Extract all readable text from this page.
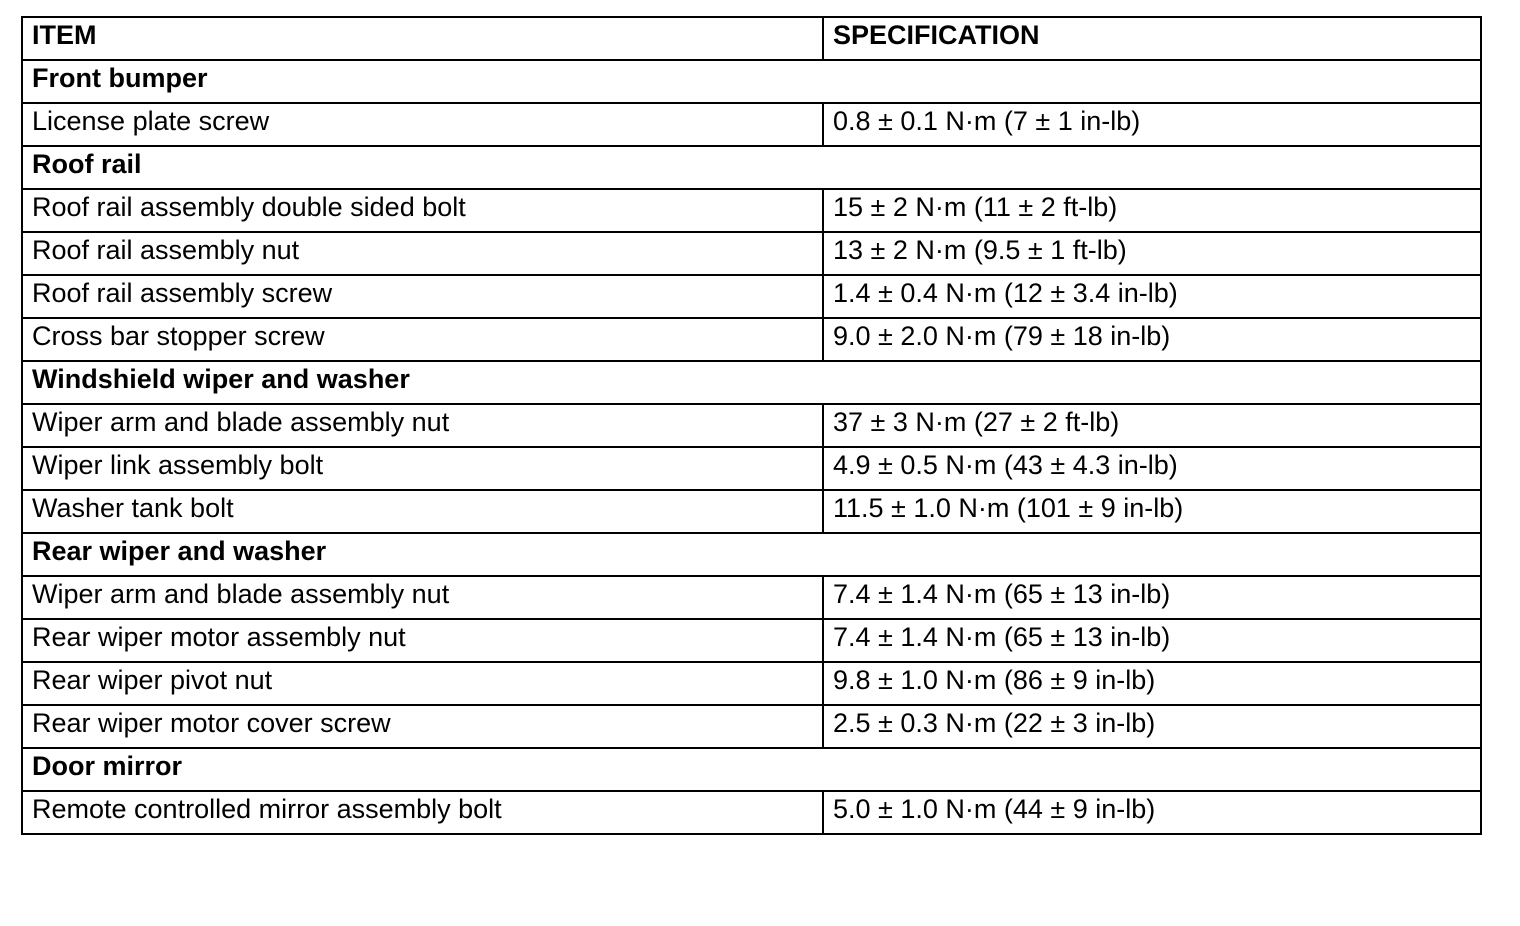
ITEM	SPECIFICATION
Front bumper	
License plate screw	0.8 ± 0.1 N·m (7 ± 1 in-lb)
Roof rail	
Roof rail assembly double sided bolt	15 ± 2 N·m (11 ± 2 ft-lb)
Roof rail assembly nut	13 ± 2 N·m (9.5 ± 1 ft-lb)
Roof rail assembly screw	1.4 ± 0.4 N·m (12 ± 3.4 in-lb)
Cross bar stopper screw	9.0 ± 2.0 N·m (79 ± 18 in-lb)
Windshield wiper and washer	
Wiper arm and blade assembly nut	37 ± 3 N·m (27 ± 2 ft-lb)
Wiper link assembly bolt	4.9 ± 0.5 N·m (43 ± 4.3 in-lb)
Washer tank bolt	11.5 ± 1.0 N·m (101 ± 9 in-lb)
Rear wiper and washer	
Wiper arm and blade assembly nut	7.4 ± 1.4 N·m (65 ± 13 in-lb)
Rear wiper motor assembly nut	7.4 ± 1.4 N·m (65 ± 13 in-lb)
Rear wiper pivot nut	9.8 ± 1.0 N·m (86 ± 9 in-lb)
Rear wiper motor cover screw	2.5 ± 0.3 N·m (22 ± 3 in-lb)
Door mirror	
Remote controlled mirror assembly bolt	5.0 ± 1.0 N·m (44 ± 9 in-lb)
